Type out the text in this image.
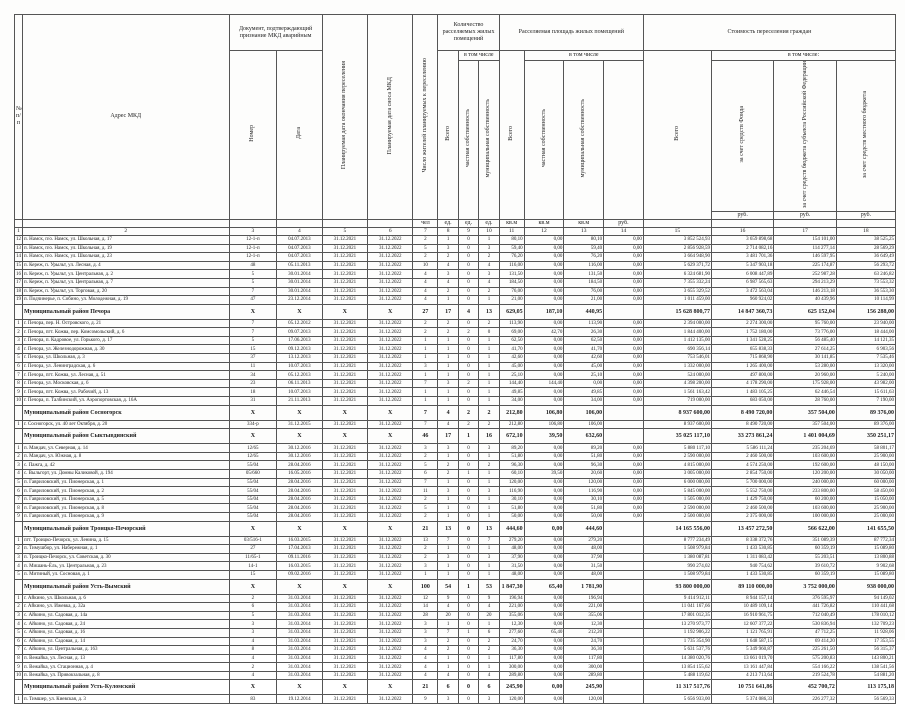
№ п/п	Адрес МКД	Документ, подтверждающий признание МКД аварийным		Планируемая дата окончания переселения	Планируемая дата сноса МКД	Число жителей планируемых к переселению	Количество расселяемых жилых помещений			Расселяемая площадь жилых помещений				Стоимость переселения граждан			
		Номер	Дата				Всего	в том числе		Всего	в том числе			Всего	в том числе:		
								частная собственность	муниципальная собственность		частная собственность	муниципальная собственность			за счет средств Фонда	за счет средств бюджета субъекта Российской Федерации	за счет средств местного бюджета
															руб.	руб.	руб.
						чел	ед.	ед.	ед.	кв.м	кв.м	кв.м	руб.				
1	2	3	4	5	6	7	8	9	10	11	12	13	14	15	16	17	18
12	п. Намск, п/о. Намск, ул. Школьная, д. 17	12-1-п	04.07.2013	31.12.2021	31.12.2022	2	1	0	1	80,10	0,00	80,10	0,00	3 852 524,93	3 659 898,68	154 101,00	38 525,25
13	п. Намск, п/о. Намск, ул. Школьная, д. 19	12-1-п	04.07.2013	31.12.2021	31.12.2022	5	3	0	3	59,40	0,00	59,40	0,00	2 856 928,59	2 714 082,16	114 277,14	28 569,29
14	п. Намск, п/о. Намск, ул. Школьная, д. 23	12-1-п	04.07.2013	31.12.2021	31.12.2022	2	2	0	2	76,20	0,00	76,20	0,00	3 664 948,90	3 481 701,36	146 597,95	36 649,49
15	п. Кереж, п. Урыльт, ул. Лесная, д. 4	48	05.11.2013	31.12.2021	31.12.2022	10	4	0	4	116,00	0,00	116,00	0,00	5 629 371,72	5 347 903,18	225 174,87	56 293,72
16	п. Кереж, п. Урыльт, ул. Центральная, д. 2	5	30.01.2014	31.12.2021	31.12.2022	4	3	0	3	131,50	0,00	131,50	0,00	6 324 681,90	6 008 447,89	252 987,28	63 246,82
17	п. Кереж, п. Урыльт, ул. Центральная, д. 7	5	30.01.2014	31.12.2021	31.12.2022	4	4	0	4	184,50	0,00	184,50	0,00	7 355 332,24	6 987 565,63	294 213,29	73 553,32
18	п. Кереж, п. Урыльт, ул. Торговая, д. 20	7	30.01.2014	31.12.2021	31.12.2022	4	2	0	2	76,00	0,00	76,00	0,00	3 655 329,52	3 472 563,04	146 213,18	36 553,30
19	п. Подчинерье, п. Собино, ул. Молодежная, д. 19	47	23.12.2014	31.12.2021	31.12.2022	4	1	0	1	21,00	0,00	21,00	0,00	1 011 459,00	960 924,02	40 439,96	10 114,99
	Муниципальный район Печора	X	X	X	X	27	17	4	13	629,05	187,10	440,95		15 628 800,77	14 847 360,73	625 152,04	156 288,00
1	г. Печора, пер. Н. Островского, д. 21	7	05.12.2012	31.12.2021	31.12.2022	2	2	0	2	113,90	0,00	113,90	0,00	2 394 000,00	2 274 300,00	95 760,00	23 940,00
2	г. Печора, пгт. Кожва, пер. Комсомольский, д. 6	7	09.07.2013	31.12.2021	31.12.2022	2	2	2	0	69,00	42,70	26,30	0,00	1 844 400,00	1 752 180,00	73 776,00	18 444,00
3	г. Печора, п. Кадровое, ул. Горького, д. 17	5	17.06.2013	31.12.2021	31.12.2022	1	1	0	1	62,50	0,00	62,50	0,00	1 412 135,00	1 341 528,25	56 485,40	14 121,35
4	г. Печора, ул. Железнодорожная, д. 30	15	09.12.2013	31.12.2021	31.12.2022	1	1	0	1	41,70	0,00	41,70	0,00	690 356,14	655 838,33	27 614,25	6 903,56
5	г. Печора, ул. Школьная, д. 3	37	13.12.2013	31.12.2021	31.12.2022	1	1	0	1	42,60	0,00	42,60	0,00	753 546,01	715 868,90	30 141,85	7 535,46
6	г. Печора, ул. Ленинградская, д. 6	11	10.07.2013	31.12.2021	31.12.2022	3	1	0	1	45,00	0,00	45,00	0,00	1 332 000,00	1 265 400,00	53 280,00	13 320,00
7	г. Печора, пгт. Кожва, ул. Лесная, д. 51	34	05.12.2013	31.12.2021	31.12.2022	1	1	0	1	25,10	0,00	25,10	0,00	524 000,00	497 800,00	20 960,00	5 240,00
8	г. Печора, ул. Московская, д. 6	23	06.11.2013	31.12.2021	31.12.2022	7	3	2	1	144,40	144,40	0,00	0,00	4 398 200,00	4 178 290,00	175 928,00	43 982,00
9	г. Печора, пгт. Кожва, ул. Рабочий, д. 13	18	10.07.2013	31.12.2021	31.12.2022	1	1	0	1	49,85	0,00	49,85	0,00	1 561 163,42	1 483 105,25	62 446,54	15 611,63
10	г. Печора, п. Талбинский, ул. Аэропортовская, д. 16А	31	21.11.2013	31.12.2021	31.12.2022	1	1	0	1	34,00	0,00	34,00	0,00	719 000,00	683 050,00	28 760,00	7 190,00
	Муниципальный район Сосногорск	X	X	X	X	7	4	2	2	212,80	106,80	106,00		8 937 600,00	8 490 720,00	357 504,00	89 376,00
1	г. Сосногорск, ул. 40 лет Октября, д. 20	334-р	31.12.2015	31.12.2021	31.12.2022	7	4	2	2	212,80	106,80	106,00		8 937 600,00	8 490 720,00	357 504,00	89 376,00
	Муниципальный район Сыктывдинский	X	X	X	X	46	17	1	16	672,10	39,50	632,60		35 025 117,10	33 273 861,24	1 401 004,69	350 251,17
1	п. Мандач, ул. Северная, д. 14	12/65	30.12.2016	31.12.2021	31.12.2022	3	3	0	3	89,20	0,00	89,20	0,00	5 880 117,10	5 586 111,24	235 204,69	58 801,17
2	п. Мандач, ул. Южная, д. 8	12/65	30.12.2016	31.12.2021	31.12.2022	2	1	0	1	51,80	0,00	51,80	0,00	2 590 000,00	2 460 500,00	103 600,00	25 900,00
3	с. Пажга, д. 42	55/04	28.04.2016	31.12.2021	31.12.2022	5	2	0	2	96,30	0,00	96,30	0,00	4 815 000,00	4 574 250,00	192 600,00	48 150,00
4	с. Выльгорт, ул. Домны Каликовой, д. 194	05/660	16.05.2016	31.12.2021	31.12.2022	6	2	1	1	60,10	39,50	20,60	0,00	3 005 000,00	2 854 750,00	120 200,00	30 050,00
5	п. Гавриловский, ул. Пионерская, д. 1	55/04	28.04.2016	31.12.2021	31.12.2022	7	1	0	1	120,00	0,00	120,00	0,00	6 000 000,00	5 700 000,00	240 000,00	60 000,00
6	п. Гавриловский, ул. Пионерская, д. 2	55/04	28.04.2016	31.12.2021	31.12.2022	11	3	0	3	116,90	0,00	116,90	0,00	5 845 000,00	5 552 750,00	233 800,00	58 450,00
7	п. Гавриловский, ул. Пионерская, д. 5	55/04	28.04.2016	31.12.2021	31.12.2022	2	1	0	1	30,10	0,00	30,10	0,00	1 505 000,00	1 429 750,00	60 200,00	15 050,00
8	п. Гавриловский, ул. Пионерская, д. 8	55/04	28.04.2016	31.12.2021	31.12.2022	5	1	0	1	51,80	0,00	51,80	0,00	2 590 000,00	2 460 500,00	103 600,00	25 900,00
9	п. Гавриловский, ул. Пионерская, д. 9	55/04	28.04.2016	31.12.2021	31.12.2022	2	1	0	1	50,00	0,00	50,00	0,00	2 500 000,00	2 375 000,00	100 000,00	25 000,00
	Муниципальный район Троицко-Печорский	X	X	X	X	21	13	0	13	444,60	0,00	444,60		14 165 556,00	13 457 272,50	566 622,00	141 655,50
1	пгт. Троицко-Печорск, ул. Ленина, д. 15	03/516-1	16.03.2015	31.12.2021	31.12.2022	13	7	0	7	279,20	0,00	279,20		8 777 234,49	8 338 372,76	351 089,39	87 772,34
2	п. Тимушбор, ул. Набережная, д. 1	27	17.04.2013	31.12.2021	31.12.2022	2	1	0	1	48,00	0,00	48,00		1 508 979,84	1 433 530,85	60 359,19	15 089,80
3	п. Троицко-Печорск, ул. Советская, д. 30	11/65-1	09.11.2016	31.12.2021	31.12.2022	2	3	0	3	37,90	0,00	37,90		1 380 087,81	1 311 083,42	55 203,51	13 800,88
4	п. Мишань-Ёль, ул. Центральная, д. 23	14-1	16.03.2015	31.12.2021	31.12.2022	3	1	0	1	31,50	0,00	31,50		990 274,02	940 754,62	39 610,72	9 902,68
5	п. Митиный, ул. Сосновая, д. 1	15	09.02.2016	31.12.2021	31.12.2022	1	1	0	1	48,00	0,00	48,00		1 508 979,84	1 433 530,85	60 359,19	15 089,80
	Муниципальный район Усть-Вымский	X	X	X	X	100	54	1	53	1 847,30	65,40	1 781,90		93 800 000,00	89 110 000,00	3 752 000,00	938 000,00
1	г. Айкино, ул. Школьная, д. 6	2	31.03.2014	31.12.2021	31.12.2022	12	9	0	9	196,94	0,00	196,94		9 414 912,11	8 944 157,14	376 595,97	94 149,02
2	г. Айкино, ул. Ижевка, д. 32а	6	31.03.2014	31.12.2021	31.12.2022	14	4	0	4	221,00	0,00	221,00		11 041 167,66	10 489 109,14	441 726,82	110 441,68
3	с. Айкино, ул. Садовая, д. 14а	5	31.03.2014	31.12.2021	31.12.2022	28	20	0	20	355,06	0,00	355,06		17 801 012,35	16 910 961,75	712 040,49	178 010,12
4	с. Айкино, ул. Садовая, д. 24	3	31.03.2014	31.12.2021	31.12.2022	3	1	0	1	12,30	0,00	12,30		13 270 973,77	12 607 377,22	530 836,94	132 709,23
5	с. Айкино, ул. Садовая, д. 16	3	31.03.2014	31.12.2021	31.12.2022	3	7	1	6	277,60	65,40	212,20		1 192 906,22	1 121 765,91	47 712,25	11 928,06
6	с. Айкино, ул. Садовая, д. 14	4	31.03.2014	31.12.2021	31.12.2022	3	2	0	2	24,70	0,00	24,70		1 735 354,90	1 648 587,15	69 414,20	17 353,55
7	с. Айкино, ул. Центральная, д. 163	8	31.03.2014	31.12.2021	31.12.2022	4	2	0	2	36,30	0,00	36,30		5 631 537,76	5 349 960,87	225 261,50	56 315,37
8	п. Вежайка, ул. Лесная, д. 13	4	31.03.2014	31.12.2021	31.12.2022	4	1	0	1	117,80	0,00	117,80		14 380 020,76	13 661 019,70	575 200,83	143 800,21
9	п. Вежайка, ул. Стационная, д. 4	2	31.03.2014	31.12.2021	31.12.2022	4	1	0	1	300,00	0,00	300,00		13 854 155,62	13 161 447,84	554 166,22	138 541,56
10	п. Вежайка, ул. Привокзальная, д. 8	4	31.03.2014	31.12.2021	31.12.2022	4	4	0	4	289,80	0,00	289,80		5 488 119,62	4 213 713,64	219 524,78	54 881,20
	Муниципальный район Усть-Куломский	X	X	X	X	21	6	0	6	245,90	0,00	245,90		11 317 517,76	10 751 641,86	452 700,72	113 175,18
1	п. Тимшер, ул. Киевская, д. 3	83	19.12.2014	31.12.2021	31.12.2022	9	3	0	3	120,00	0,00	120,00		5 656 933,00	5 374 086,33	226 277,32	56 569,33
